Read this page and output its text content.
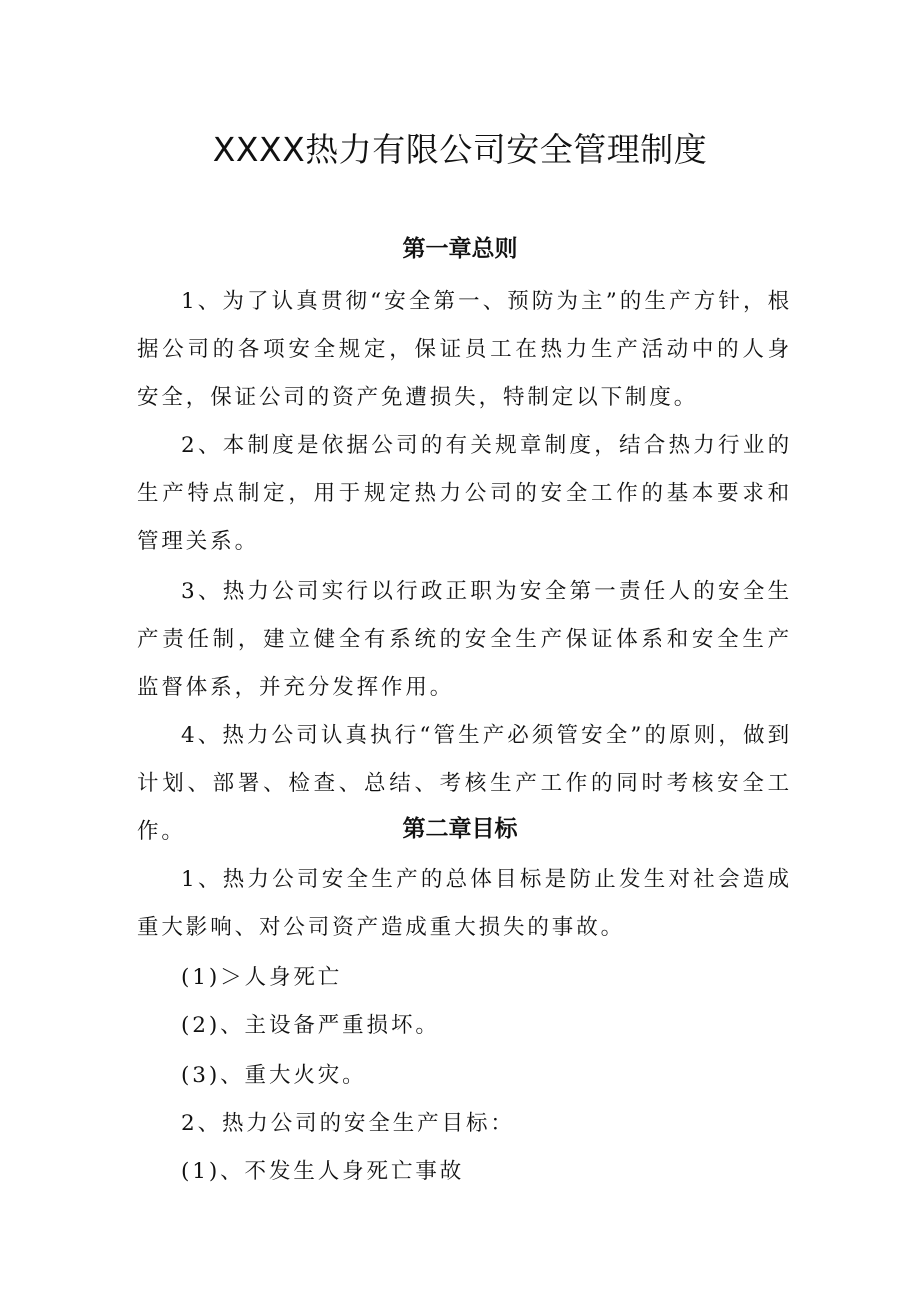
XXXX热力有限公司安全管理制度
第一章总则

1、为了认真贯彻“安全第一、预防为主”的生产方针，根据公司的各项安全规定，保证员工在热力生产活动中的人身安全，保证公司的资产免遭损失，特制定以下制度。

2、本制度是依据公司的有关规章制度，结合热力行业的生产特点制定，用于规定热力公司的安全工作的基本要求和管理关系。

3、热力公司实行以行政正职为安全第一责任人的安全生产责任制，建立健全有系统的安全生产保证体系和安全生产监督体系，并充分发挥作用。

4、热力公司认真执行“管生产必须管安全”的原则，做到计划、部署、检查、总结、考核生产工作的同时考核安全工作。	第二章目标

1、热力公司安全生产的总体目标是防止发生对社会造成重大影响、对公司资产造成重大损失的事故。

(1)＞人身死亡

(2)、主设备严重损坏。

(3)、重大火灾。

2、热力公司的安全生产目标：

(1)、不发生人身死亡事故
